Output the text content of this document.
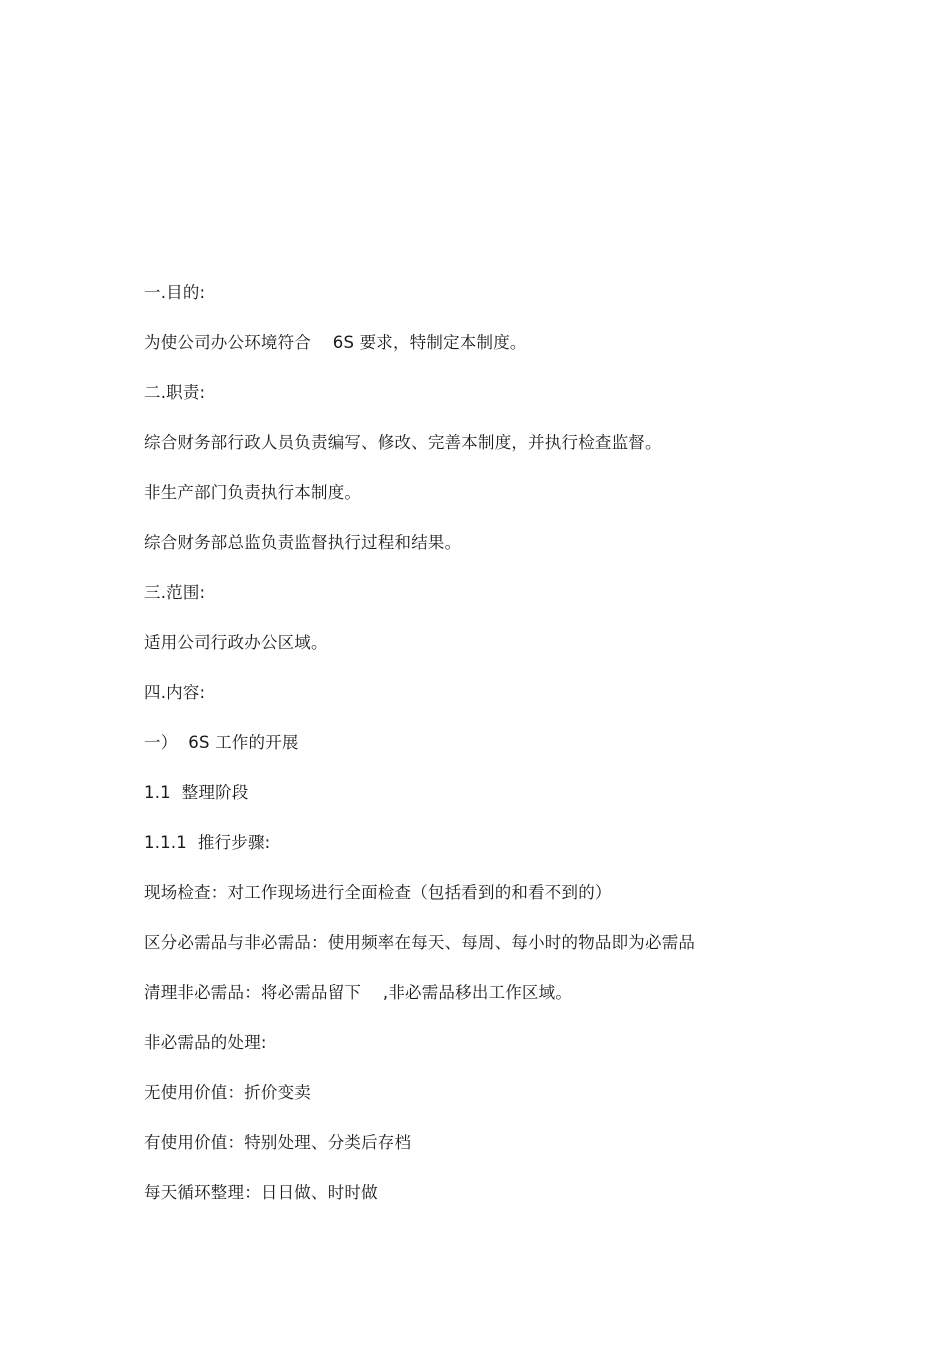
一.目的:
为使公司办公环境符合    6S 要求，特制定本制度。
二.职责:
综合财务部行政人员负责编写、修改、完善本制度，并执行检查监督。
非生产部门负责执行本制度。
综合财务部总监负责监督执行过程和结果。
三.范围:
适用公司行政办公区域。
四.内容:
一）  6S 工作的开展
1.1  整理阶段
1.1.1  推行步骤:
现场检查：对工作现场进行全面检查（包括看到的和看不到的）
区分必需品与非必需品：使用频率在每天、每周、每小时的物品即为必需品
清理非必需品：将必需品留下    ,非必需品移出工作区域。
非必需品的处理:
无使用价值：折价变卖
有使用价值：特别处理、分类后存档
每天循环整理：日日做、时时做
